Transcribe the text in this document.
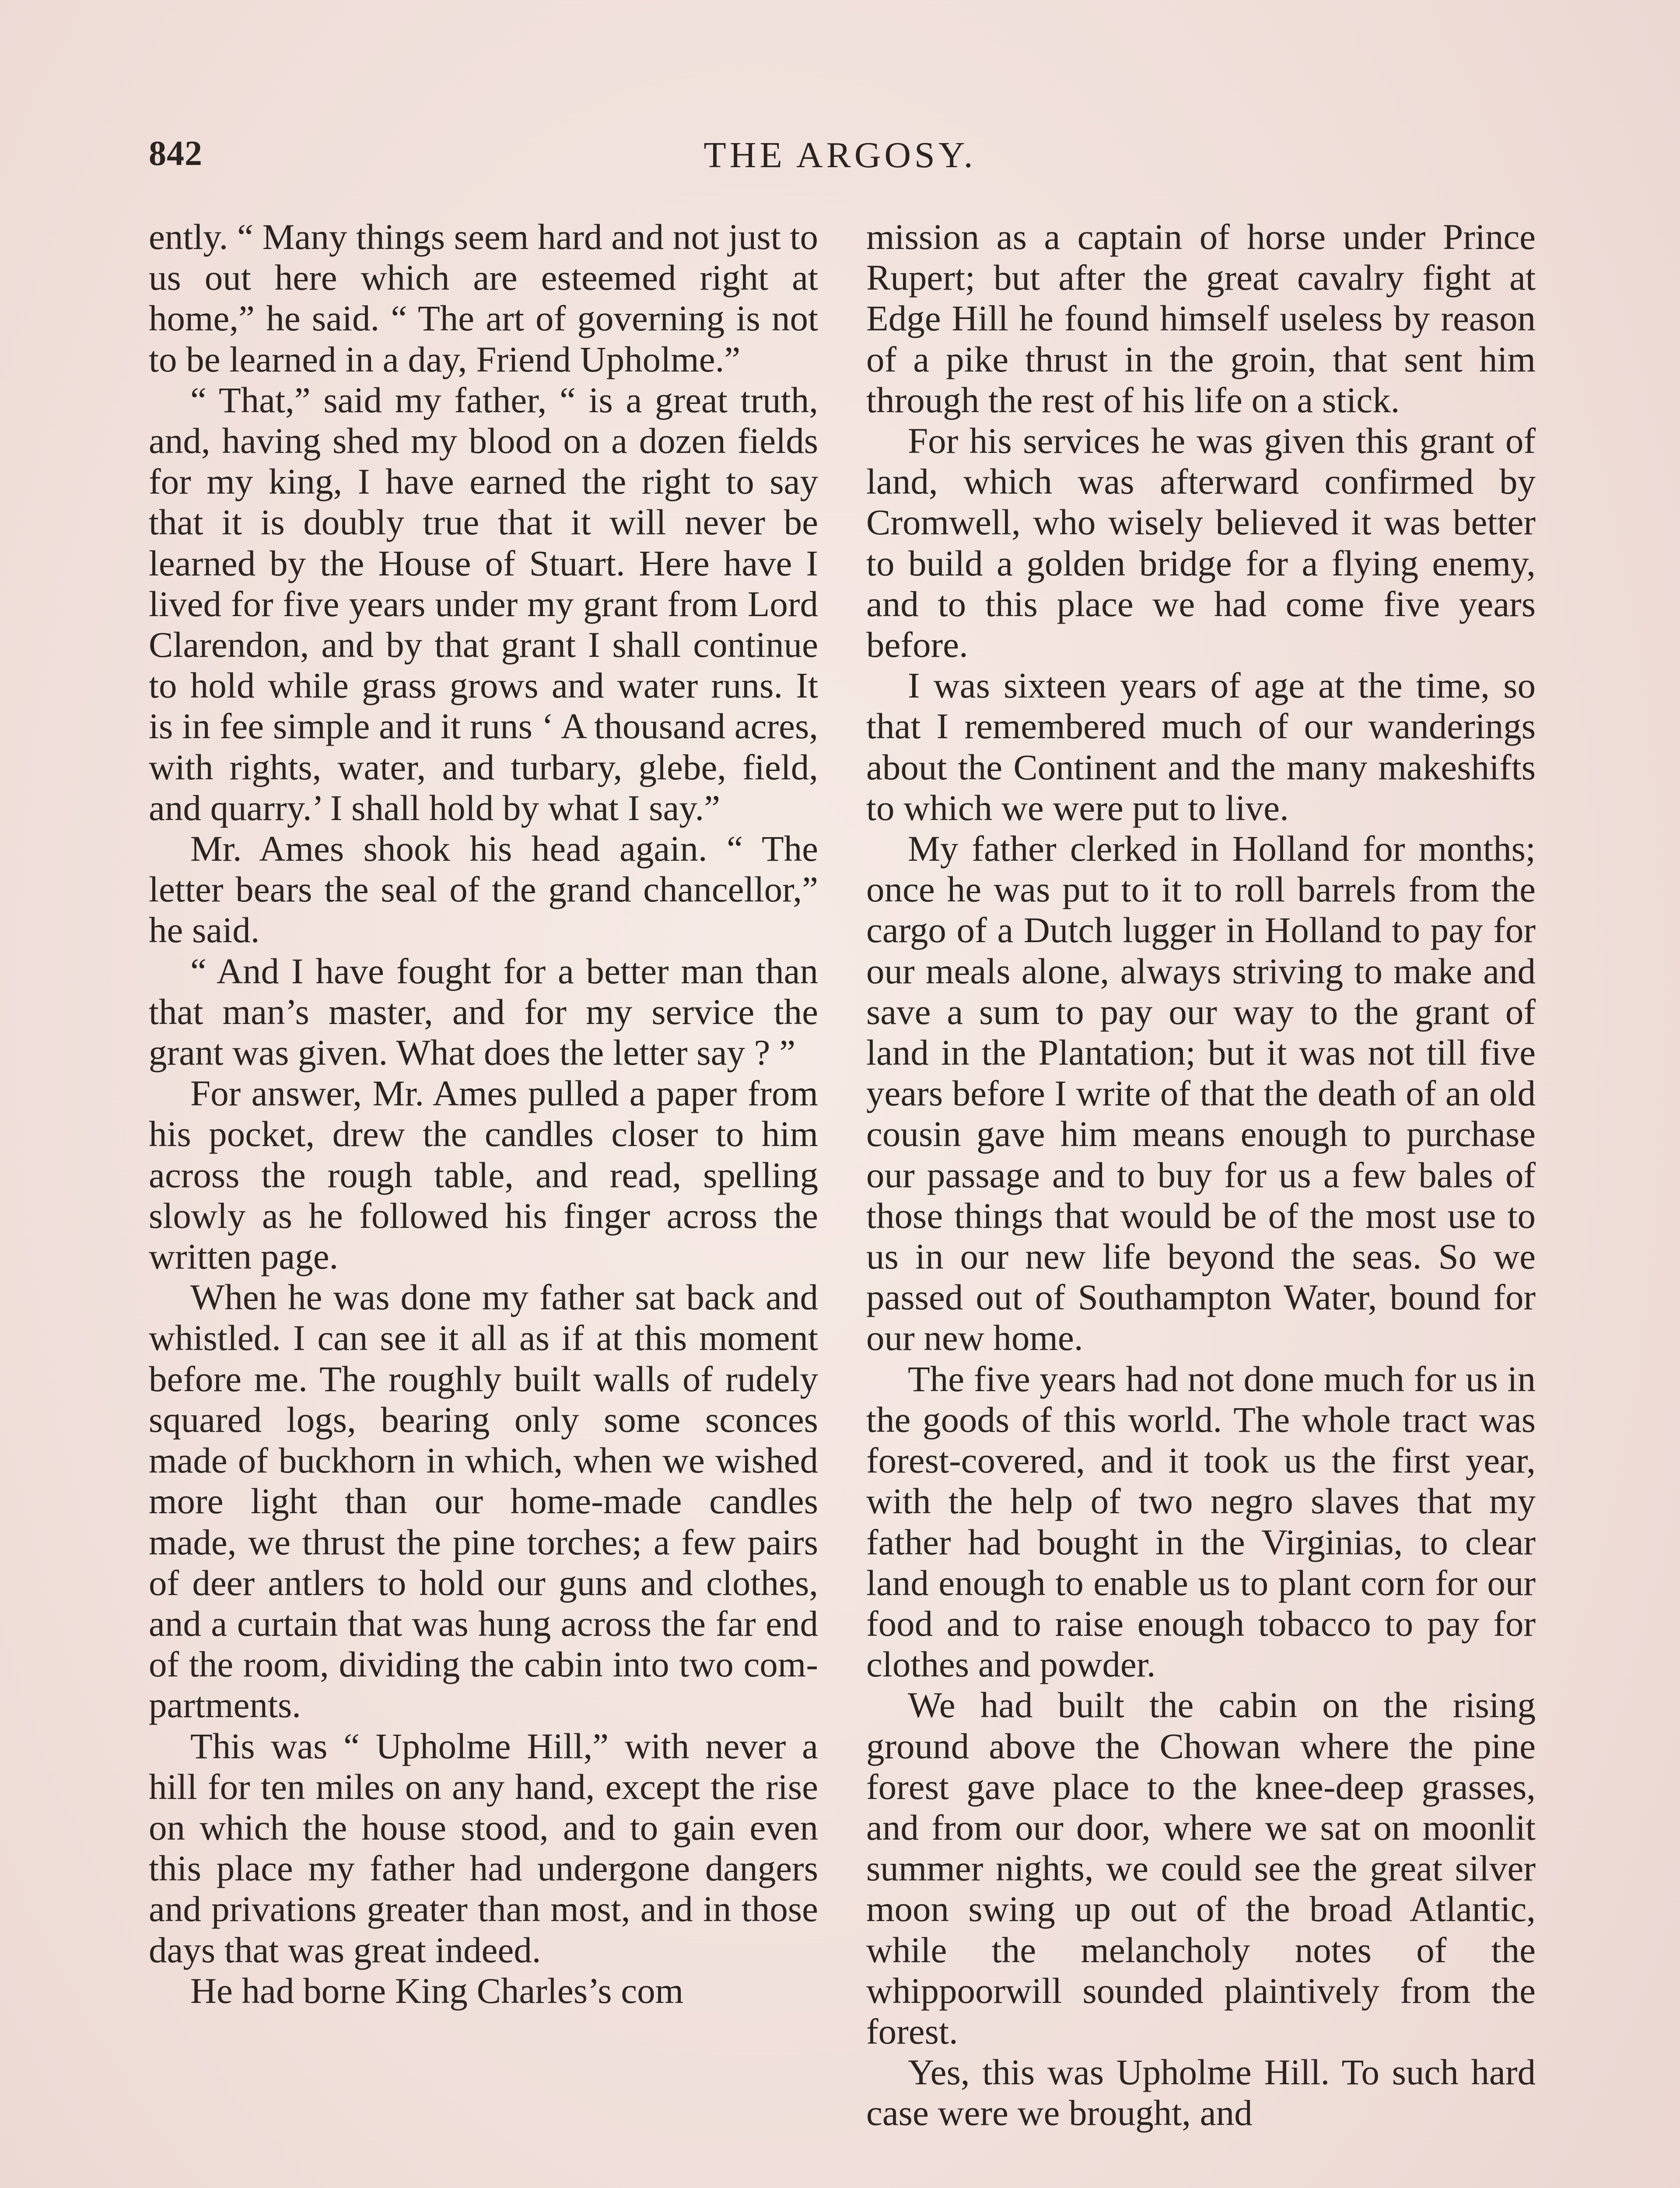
842	THE ARGOSY.

ently. “ Many things seem hard and not just to us out here which are esteemed right at home,” he said. “ The art of governing is not to be learned in a day, Friend Upholme.”

“ That,” said my father, “ is a great truth, and, having shed my blood on a dozen fields for my king, I have earned the right to say that it is doubly true that it will never be learned by the House of Stuart. Here have I lived for five years under my grant from Lord Clarendon, and by that grant I shall continue to hold while grass grows and water runs. It is in fee simple and it runs ‘ A thousand acres, with rights, water, and turbary, glebe, field, and quarry.’ I shall hold by what I say.”

Mr. Ames shook his head again. “ The letter bears the seal of the grand chancellor,” he said.

“ And I have fought for a better man than that man’s master, and for my service the grant was given. What does the letter say ? ”

For answer, Mr. Ames pulled a paper from his pocket, drew the candles closer to him across the rough table, and read, spelling slowly as he followed his finger across the written page.

When he was done my father sat back and whistled. I can see it all as if at this moment before me. The roughly built walls of rudely squared logs, bearing only some sconces made of buckhorn in which, when we wished more light than our home-made candles made, we thrust the pine torches; a few pairs of deer antlers to hold our guns and clothes, and a curtain that was hung across the far end of the room, dividing the cabin into two compartments.

This was “ Upholme Hill,” with never a hill for ten miles on any hand, except the rise on which the house stood, and to gain even this place my father had undergone dangers and privations greater than most, and in those days that was great indeed.

He had borne King Charles’s com

mission as a captain of horse under Prince Rupert; but after the great cavalry fight at Edge Hill he found himself useless by reason of a pike thrust in the groin, that sent him through the rest of his life on a stick.

For his services he was given this grant of land, which was afterward confirmed by Cromwell, who wisely believed it was better to build a golden bridge for a flying enemy, and to this place we had come five years before.

I was sixteen years of age at the time, so that I remembered much of our wanderings about the Continent and the many makeshifts to which we were put to live.

My father clerked in Holland for months; once he was put to it to roll barrels from the cargo of a Dutch lugger in Holland to pay for our meals alone, always striving to make and save a sum to pay our way to the grant of land in the Plantation; but it was not till five years before I write of that the death of an old cousin gave him means enough to purchase our passage and to buy for us a few bales of those things that would be of the most use to us in our new life beyond the seas. So we passed out of Southampton Water, bound for our new home.

The five years had not done much for us in the goods of this world. The whole tract was forest-covered, and it took us the first year, with the help of two negro slaves that my father had bought in the Virginias, to clear land enough to enable us to plant corn for our food and to raise enough tobacco to pay for clothes and powder.

We had built the cabin on the rising ground above the Chowan where the pine forest gave place to the knee-deep grasses, and from our door, where we sat on moonlit summer nights, we could see the great silver moon swing up out of the broad Atlantic, while the melancholy notes of the whippoorwill sounded plaintively from the forest.

Yes, this was Upholme Hill. To such hard case were we brought, and
